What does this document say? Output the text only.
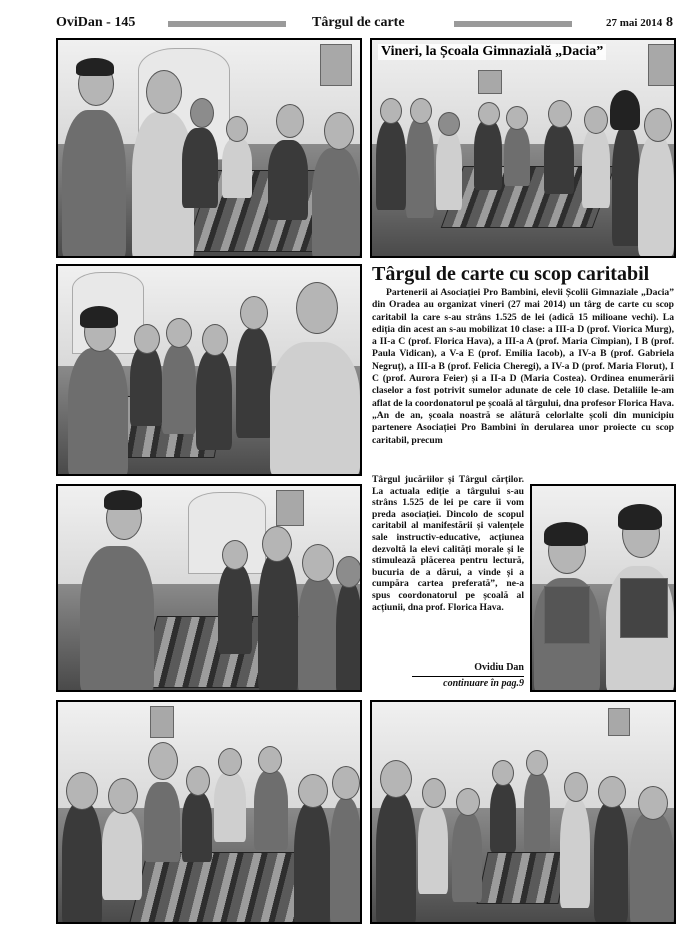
OviDan - 145	Târgul de carte	27 mai 2014 8
Vineri, la Școala Gimnazială „Dacia”
Târgul de carte cu scop caritabil

Partenerii ai Asociației Pro Bambini, elevii Școlii Gimnaziale „Dacia” din Oradea au organizat vineri (27 mai 2014) un târg de carte cu scop caritabil la care s-au strâns 1.525 de lei (adică 15 milioane vechi). La ediția din acest an s-au mobilizat 10 clase: a III-a D (prof. Viorica Murg), a II-a C (prof. Florica Hava), a III-a A (prof. Maria Cîmpian), I B (prof. Paula Vidican), a V-a E (prof. Emilia Iacob), a IV-a B (prof. Gabriela Negruț), a III-a B (prof. Felicia Cheregi), a IV-a D (prof. Maria Florut), I C (prof. Aurora Feier) și a II-a D (Maria Costea). Ordinea enumerării claselor a fost potrivit sumelor adunate de cele 10 clase. Detaliile le-am aflat de la coordonatorul pe școală al târgului, dna profesor Florica Hava. „An de an, școala noastră se alătură celorlalte școli din municipiu partenere Asociației Pro Bambini în derularea unor proiecte cu scop caritabil, precum

Târgul jucăriilor și Târgul cărților. La actuala ediție a târgului s-au strâns 1.525 de lei pe care îi vom preda asociației. Dincolo de scopul caritabil al manifestării și valențele sale instructiv-educative, acțiunea dezvoltă la elevi calități morale și le stimulează plăcerea pentru lectură, bucuria de a dărui, a vinde și a cumpăra cartea preferată”, ne-a spus coordonatorul pe școală al acțiunii, dna prof. Florica Hava.

Ovidiu Dan
continuare în pag.9
